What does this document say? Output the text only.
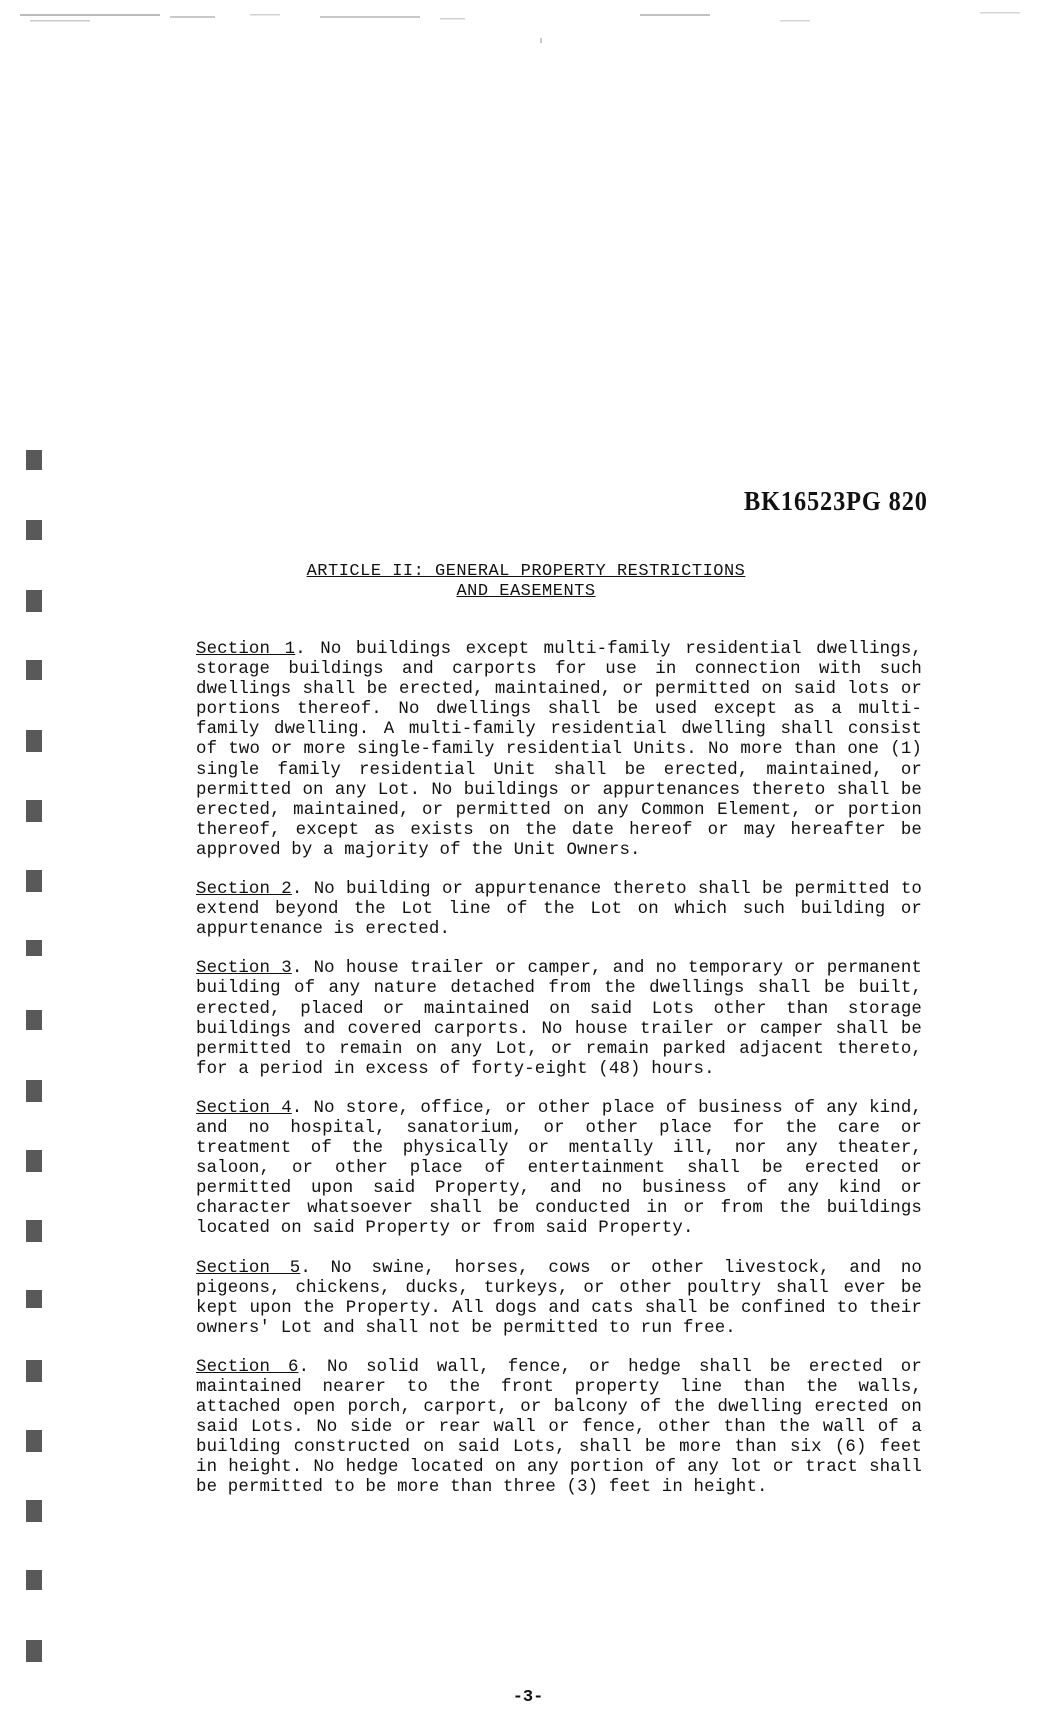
BK16523PG 820
ARTICLE II: GENERAL PROPERTY RESTRICTIONS
AND EASEMENTS

Section 1. No buildings except multi-family residential dwellings, storage buildings and carports for use in connection with such dwellings shall be erected, maintained, or permitted on said lots or portions thereof. No dwellings shall be used except as a multi-family dwelling. A multi-family residential dwelling shall consist of two or more single-family residential Units. No more than one (1) single family residential Unit shall be erected, maintained, or permitted on any Lot. No buildings or appurtenances thereto shall be erected, maintained, or permitted on any Common Element, or portion thereof, except as exists on the date hereof or may hereafter be approved by a majority of the Unit Owners.

Section 2. No building or appurtenance thereto shall be permitted to extend beyond the Lot line of the Lot on which such building or appurtenance is erected.

Section 3. No house trailer or camper, and no temporary or permanent building of any nature detached from the dwellings shall be built, erected, placed or maintained on said Lots other than storage buildings and covered carports. No house trailer or camper shall be permitted to remain on any Lot, or remain parked adjacent thereto, for a period in excess of forty-eight (48) hours.

Section 4. No store, office, or other place of business of any kind, and no hospital, sanatorium, or other place for the care or treatment of the physically or mentally ill, nor any theater, saloon, or other place of entertainment shall be erected or permitted upon said Property, and no business of any kind or character whatsoever shall be conducted in or from the buildings located on said Property or from said Property.

Section 5. No swine, horses, cows or other livestock, and no pigeons, chickens, ducks, turkeys, or other poultry shall ever be kept upon the Property. All dogs and cats shall be confined to their owners' Lot and shall not be permitted to run free.

Section 6. No solid wall, fence, or hedge shall be erected or maintained nearer to the front property line than the walls, attached open porch, carport, or balcony of the dwelling erected on said Lots. No side or rear wall or fence, other than the wall of a building constructed on said Lots, shall be more than six (6) feet in height. No hedge located on any portion of any lot or tract shall be permitted to be more than three (3) feet in height.

-3-
